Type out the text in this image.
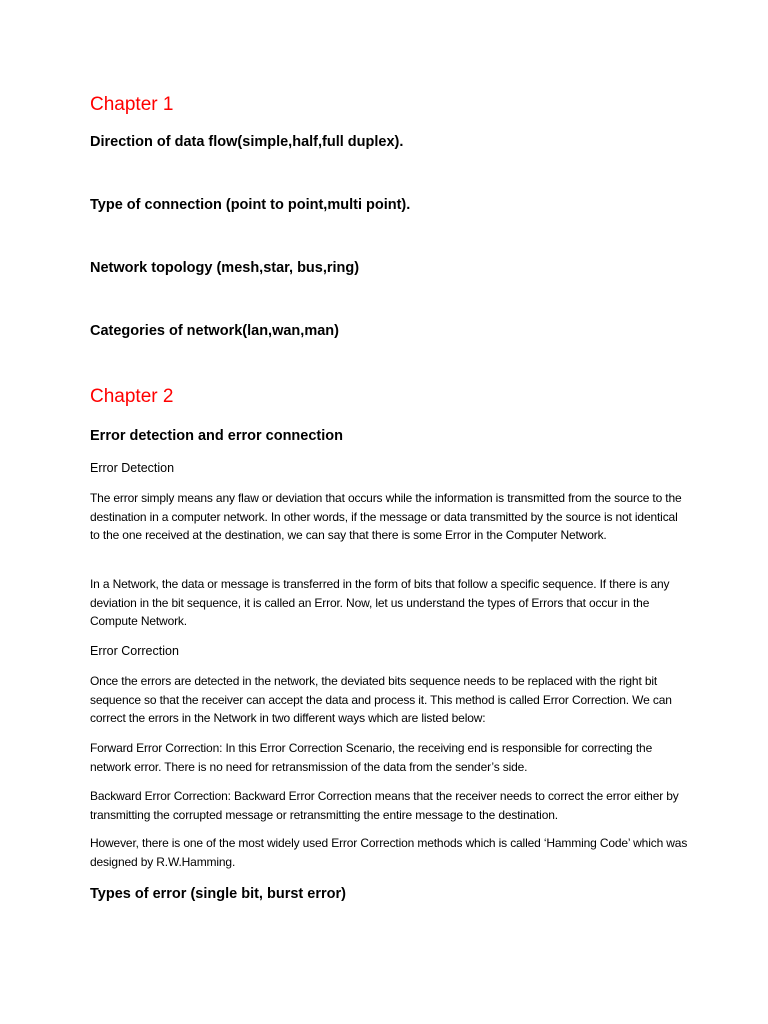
Chapter 1
Direction of data flow(simple,half,full duplex).
Type of connection (point to point,multi point).
Network topology (mesh,star, bus,ring)
Categories of network(lan,wan,man)
Chapter 2
Error detection and error connection
Error Detection

The error simply means any flaw or deviation that occurs while the information is transmitted from the source to the destination in a computer network. In other words, if the message or data transmitted by the source is not identical to the one received at the destination, we can say that there is some Error in the Computer Network.

In a Network, the data or message is transferred in the form of bits that follow a specific sequence. If there is any deviation in the bit sequence, it is called an Error. Now, let us understand the types of Errors that occur in the Compute Network.

Error Correction

Once the errors are detected in the network, the deviated bits sequence needs to be replaced with the right bit sequence so that the receiver can accept the data and process it. This method is called Error Correction. We can correct the errors in the Network in two different ways which are listed below:

Forward Error Correction: In this Error Correction Scenario, the receiving end is responsible for correcting the network error. There is no need for retransmission of the data from the sender’s side.

Backward Error Correction: Backward Error Correction means that the receiver needs to correct the error either by transmitting the corrupted message or retransmitting the entire message to the destination.

However, there is one of the most widely used Error Correction methods which is called ‘Hamming Code’ which was designed by R.W.Hamming.

Types of error (single bit, burst error)
